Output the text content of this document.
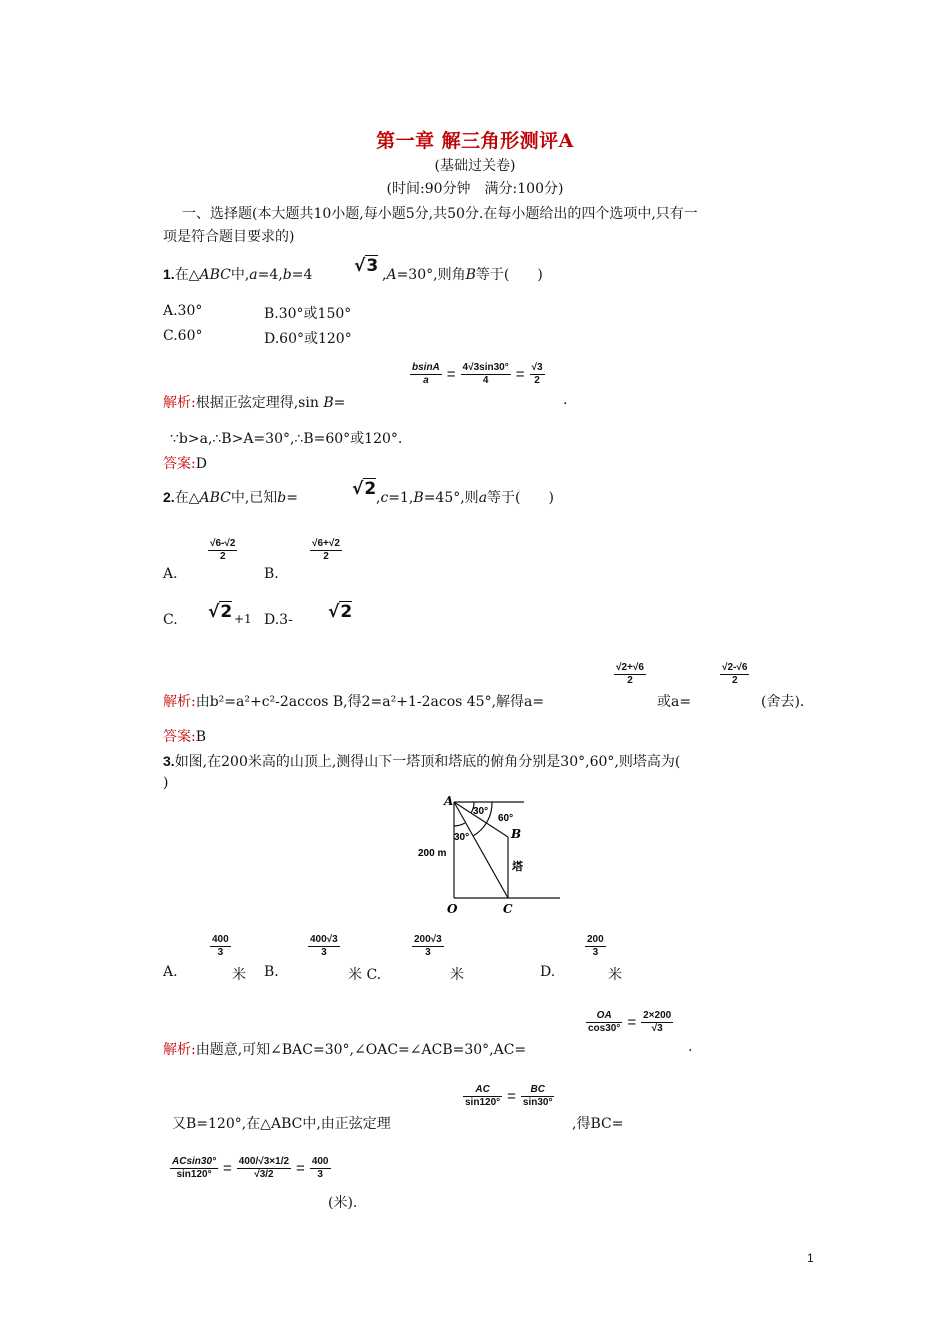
第一章 解三角形测评A
(基础过关卷)
(时间:90分钟　满分:100分)
一、选择题(本大题共10小题,每小题5分,共50分.在每小题给出的四个选项中,只有一
项是符合题目要求的)
1.在△ABC中,a=4,b=4 √3 ,A=30°,则角B等于(　　)
A.30°	B.30°或150°
C.60°	D.60°或120°
解析:根据正弦定理得,sin B=
$\frac{bsinA}{a} = \frac{4√3\sin 30^\circ}{4} = \frac{√3}{2}$
.
∵b>a,∴B>A=30°,∴B=60°或120°.
答案:D
2.在△ABC中,已知b=	√2 ,c=1,B=45°,则a等于(　　)
A.
√6-√2
2
B.
√6+√2
2
C. √2 +1 D.3- √2
解析:由b²=a²+c²-2accos B,得2=a²+1-2acos 45°,解得a=
√2+√6
2
或a=
√2-√6
2
(舍去).
答案:B
3.如图,在200米高的山顶上,测得山下一塔顶和塔底的俯角分别是30°,60°,则塔高为(
)
A
30°
60°
B
30°
200 m
塔
O	C
A.
400
3
米 B.
400√3
3
米 C.
200√3
3
米	D.
200
3
米
解析:由题意,可知∠BAC=30°,∠OAC=∠ACB=30°,AC=
$\frac{OA}{\cos 30^\circ} = \frac{2\times 200}{√3}$
.
又B=120°,在△ABC中,由正弦定理
$\frac{AC}{\sin 120^\circ} = \frac{BC}{\sin 30^\circ}$
,得BC=
$\frac{ACsin30^\circ}{\sin 120^\circ} = \frac{400/√3\times 1/2}{√3/2} = \frac{400}{3}$
(米).
1
